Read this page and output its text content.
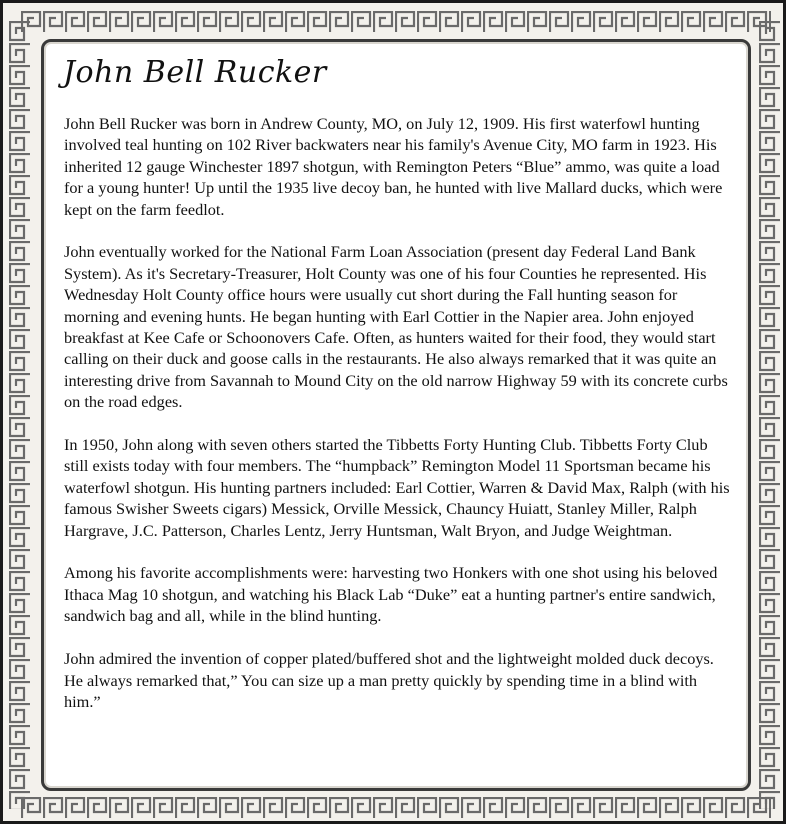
John Bell Rucker

John Bell Rucker was born in Andrew County, MO, on July 12, 1909. His first waterfowl hunting involved teal hunting on 102 River backwaters near his family's Avenue City, MO farm in 1923. His inherited 12 gauge Winchester 1897 shotgun, with Remington Peters “Blue” ammo, was quite a load for a young hunter! Up until the 1935 live decoy ban, he hunted with live Mallard ducks, which were kept on the farm feedlot.

John eventually worked for the National Farm Loan Association (present day Federal Land Bank System). As it's Secretary-Treasurer, Holt County was one of his four Counties he represented. His Wednesday Holt County office hours were usually cut short during the Fall hunting season for morning and evening hunts. He began hunting with Earl Cottier in the Napier area. John enjoyed breakfast at Kee Cafe or Schoonovers Cafe. Often, as hunters waited for their food, they would start calling on their duck and goose calls in the restaurants. He also always remarked that it was quite an interesting drive from Savannah to Mound City on the old narrow Highway 59 with its concrete curbs on the road edges.

In 1950, John along with seven others started the Tibbetts Forty Hunting Club. Tibbetts Forty Club still exists today with four members. The “humpback” Remington Model 11 Sportsman became his waterfowl shotgun. His hunting partners included: Earl Cottier, Warren & David Max, Ralph (with his famous Swisher Sweets cigars) Messick, Orville Messick, Chauncy Huiatt, Stanley Miller, Ralph Hargrave, J.C. Patterson, Charles Lentz, Jerry Huntsman, Walt Bryon, and Judge Weightman.

Among his favorite accomplishments were: harvesting two Honkers with one shot using his beloved Ithaca Mag 10 shotgun, and watching his Black Lab “Duke” eat a hunting partner's entire sandwich, sandwich bag and all, while in the blind hunting.

John admired the invention of copper plated/buffered shot and the lightweight molded duck decoys. He always remarked that,” You can size up a man pretty quickly by spending time in a blind with him.”
